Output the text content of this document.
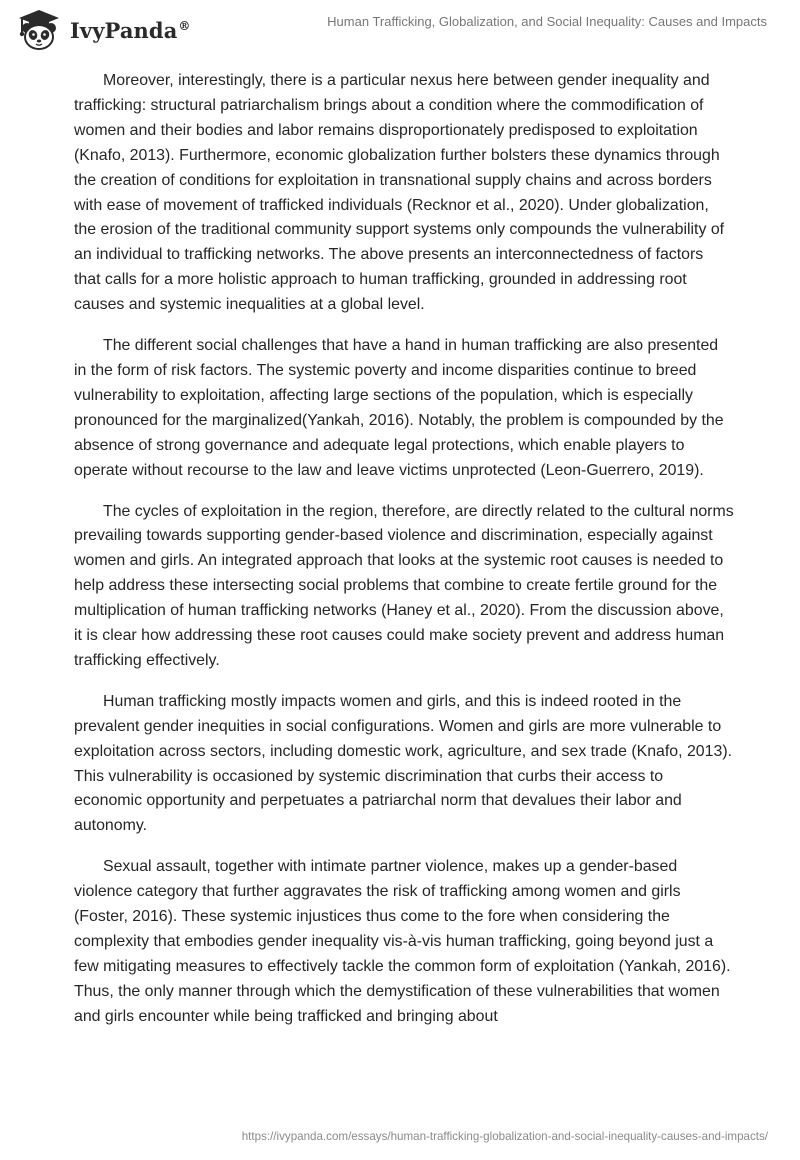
IvyPanda®	Human Trafficking, Globalization, and Social Inequality: Causes and Impacts

Moreover, interestingly, there is a particular nexus here between gender inequality and trafficking: structural patriarchalism brings about a condition where the commodification of women and their bodies and labor remains disproportionately predisposed to exploitation (Knafo, 2013). Furthermore, economic globalization further bolsters these dynamics through the creation of conditions for exploitation in transnational supply chains and across borders with ease of movement of trafficked individuals (Recknor et al., 2020). Under globalization, the erosion of the traditional community support systems only compounds the vulnerability of an individual to trafficking networks. The above presents an interconnectedness of factors that calls for a more holistic approach to human trafficking, grounded in addressing root causes and systemic inequalities at a global level.

The different social challenges that have a hand in human trafficking are also presented in the form of risk factors. The systemic poverty and income disparities continue to breed vulnerability to exploitation, affecting large sections of the population, which is especially pronounced for the marginalized(Yankah, 2016). Notably, the problem is compounded by the absence of strong governance and adequate legal protections, which enable players to operate without recourse to the law and leave victims unprotected (Leon-Guerrero, 2019).

The cycles of exploitation in the region, therefore, are directly related to the cultural norms prevailing towards supporting gender-based violence and discrimination, especially against women and girls. An integrated approach that looks at the systemic root causes is needed to help address these intersecting social problems that combine to create fertile ground for the multiplication of human trafficking networks (Haney et al., 2020). From the discussion above, it is clear how addressing these root causes could make society prevent and address human trafficking effectively.

Human trafficking mostly impacts women and girls, and this is indeed rooted in the prevalent gender inequities in social configurations. Women and girls are more vulnerable to exploitation across sectors, including domestic work, agriculture, and sex trade (Knafo, 2013). This vulnerability is occasioned by systemic discrimination that curbs their access to economic opportunity and perpetuates a patriarchal norm that devalues their labor and autonomy.

Sexual assault, together with intimate partner violence, makes up a gender-based violence category that further aggravates the risk of trafficking among women and girls (Foster, 2016). These systemic injustices thus come to the fore when considering the complexity that embodies gender inequality vis-à-vis human trafficking, going beyond just a few mitigating measures to effectively tackle the common form of exploitation (Yankah, 2016). Thus, the only manner through which the demystification of these vulnerabilities that women and girls encounter while being trafficked and bringing about

https://ivypanda.com/essays/human-trafficking-globalization-and-social-inequality-causes-and-impacts/
